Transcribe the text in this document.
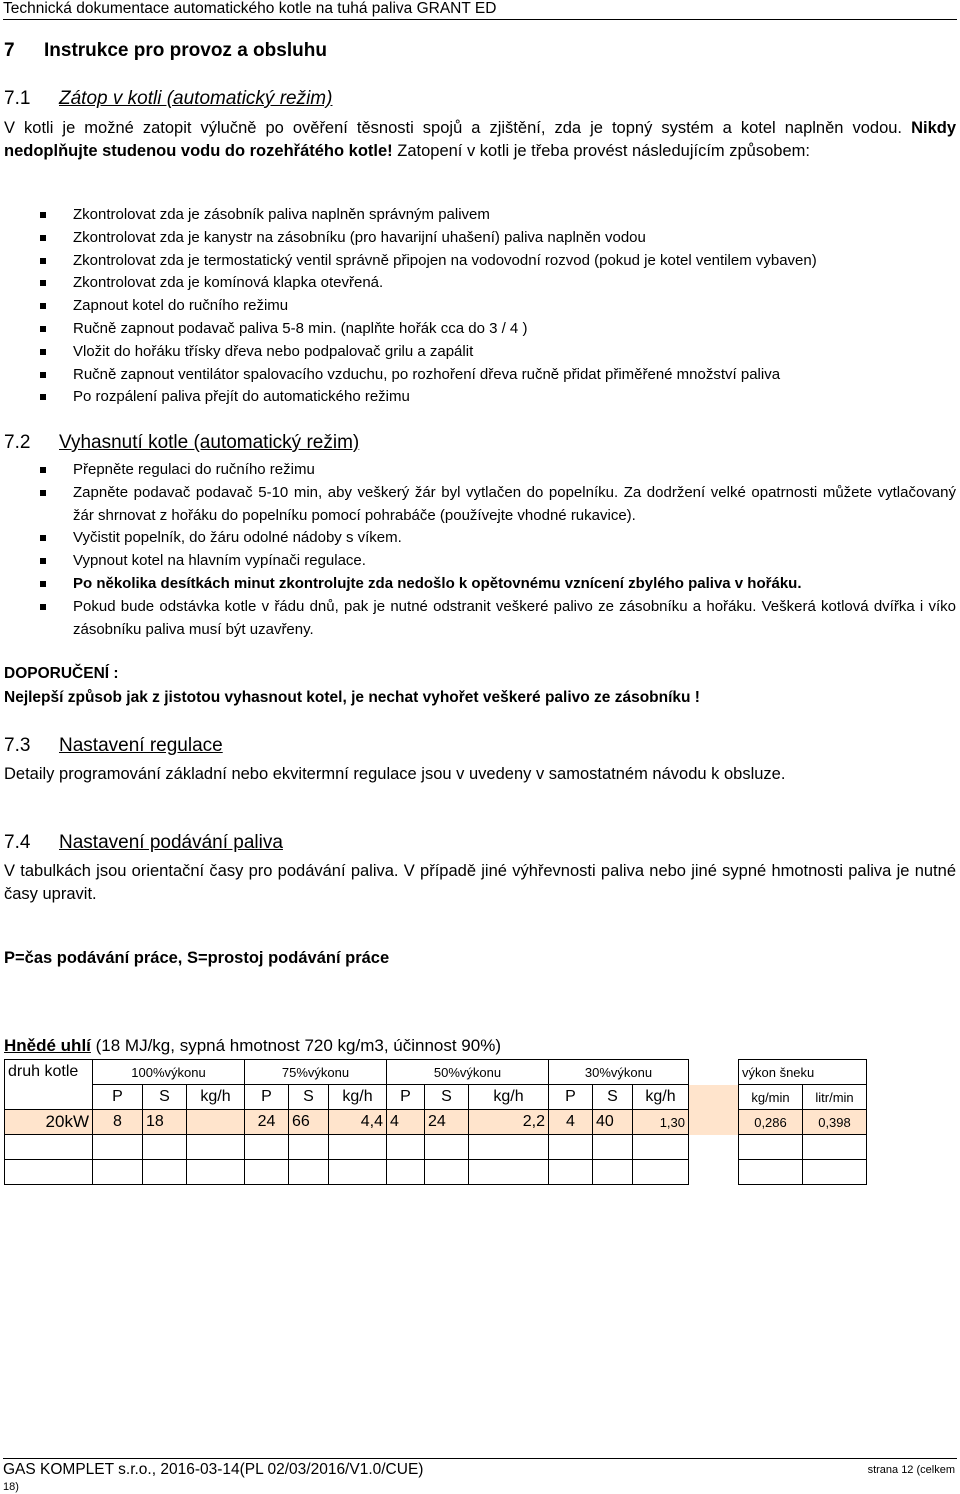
Technická dokumentace automatického kotle na tuhá paliva GRANT ED
7 Instrukce pro provoz a obsluhu
7.1 Zátop v kotli (automatický režim)
V kotli je možné zatopit výlučně po ověření těsnosti spojů a zjištění, zda je topný systém a kotel naplněn vodou. Nikdy nedoplňujte studenou vodu do rozehřátého kotle! Zatopení v kotli je třeba provést následujícím způsobem:
Zkontrolovat zda je zásobník paliva naplněn správným palivem
Zkontrolovat zda je kanystr na zásobníku (pro havarijní uhašení) paliva naplněn vodou
Zkontrolovat zda je termostatický ventil správně připojen na vodovodní rozvod (pokud je kotel ventilem vybaven)
Zkontrolovat zda je komínová klapka otevřená.
Zapnout kotel do ručního režimu
Ručně zapnout podavač paliva 5-8 min. (naplňte hořák cca do 3 / 4 )
Vložit do hořáku třísky dřeva nebo podpalovač grilu a zapálit
Ručně zapnout ventilátor spalovacího vzduchu, po rozhoření dřeva ručně přidat přiměřené množství paliva
Po rozpálení paliva přejít do automatického režimu
7.2 Vyhasnutí kotle (automatický režim)
Přepněte regulaci do ručního režimu
Zapněte podavač podavač 5-10 min, aby veškerý žár byl vytlačen do popelníku. Za dodržení velké opatrnosti můžete vytlačovaný žár shrnovat z hořáku do popelníku pomocí pohrabáče (používejte vhodné rukavice).
Vyčistit popelník, do žáru odolné nádoby s víkem.
Vypnout kotel na hlavním vypínači regulace.
Po několika desítkách minut zkontrolujte zda nedošlo k opětovnému vznícení zbylého paliva v hořáku.
Pokud bude odstávka kotle v řádu dnů, pak je nutné odstranit veškeré palivo ze zásobníku a hořáku. Veškerá kotlová dvířka i víko zásobníku paliva musí být uzavřeny.
DOPORUČENÍ :
Nejlepší způsob jak z jistotou vyhasnout kotel, je nechat vyhořet veškeré palivo ze zásobníku !
7.3 Nastavení regulace
Detaily programování základní nebo ekvitermní regulace jsou v uvedeny v samostatném návodu k obsluze.
7.4 Nastavení podávání paliva
V tabulkách jsou orientační časy pro podávání paliva. V případě jiné výhřevnosti paliva nebo jiné sypné hmotnosti paliva je nutné časy upravit.
P=čas podávání práce, S=prostoj podávání práce
Hnědé uhlí (18 MJ/kg, sypná hmotnost 720 kg/m3, účinnost 90%)
druh kotle	100%výkonu			75%výkonu			50%výkonu			30%výkonu				výkon šneku	
	P	S	kg/h	P	S	kg/h	P	S	kg/h	P	S	kg/h		kg/min	litr/min
20kW	8	18		24	66	4,4	4	24	2,2	4	40	1,30		0,286	0,398

GAS KOMPLET s.r.o., 2016-03-14(PL 02/03/2016/V1.0/CUE)	strana 12 (celkem
18)
